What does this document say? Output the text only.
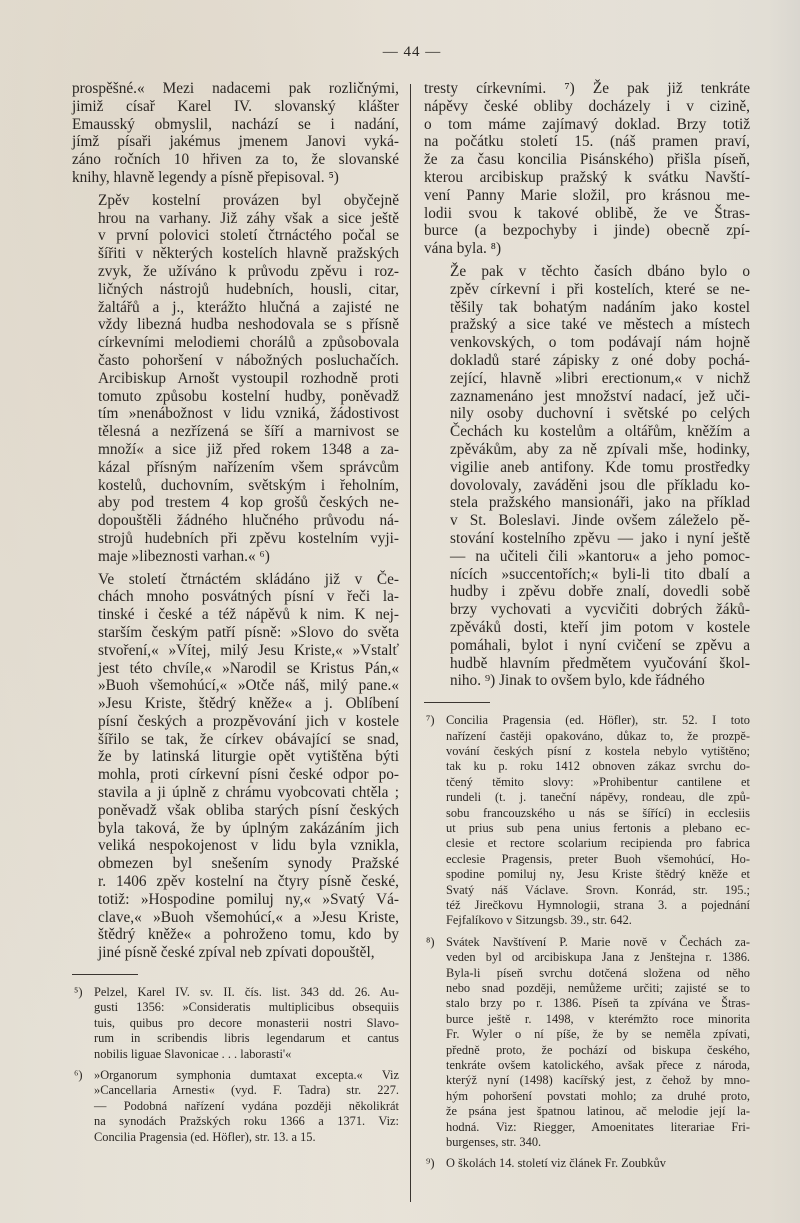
— 44 —

prospěšné.« Mezi nadacemi pak rozličnými,
jimiž císař Karel IV. slovanský klášter
Emausský obmyslil, nachází se i nadání,
jímž písaři jakémus jmenem Janovi vyká-
záno ročních 10 hřiven za to, že slovanské
knihy, hlavně legendy a písně přepisoval. ⁵)

Zpěv kostelní provázen byl obyčejně
hrou na varhany. Již záhy však a sice ještě
v první polovici století čtrnáctého počal se
šířiti v některých kostelích hlavně pražských
zvyk, že užíváno k průvodu zpěvu i roz-
ličných nástrojů hudebních, housli, citar,
žaltářů a j., kterážto hlučná a zajisté ne
vždy libezná hudba neshodovala se s přísně
církevními melodiemi chorálů a způsobovala
často pohoršení v nábožných posluchačích.
Arcibiskup Arnošt vystoupil rozhodně proti
tomuto způsobu kostelní hudby, poněvadž
tím »nenábožnost v lidu vzniká, žádostivost
tělesná a nezřízená se šíří a marnivost se
množí« a sice již před rokem 1348 a za-
kázal přísným nařízením všem správcům
kostelů, duchovním, světským i řeholním,
aby pod trestem 4 kop grošů českých ne-
dopouštěli žádného hlučného průvodu ná-
strojů hudebních při zpěvu kostelním vyji-
maje »libeznosti varhan.« ⁶)

Ve století čtrnáctém skládáno již v Če-
chách mnoho posvátných písní v řeči la-
tinské i české a též nápěvů k nim. K nej-
starším českým patří písně: »Slovo do světa
stvoření,« »Vítej, milý Jesu Kriste,« »Vstalť
jest této chvíle,« »Narodil se Kristus Pán,«
»Buoh všemohúcí,« »Otče náš, milý pane.«
»Jesu Kriste, štědrý kněže« a j. Oblíbení
písní českých a prozpěvování jich v kostele
šířilo se tak, že církev obávající se snad,
že by latinská liturgie opět vytištěna býti
mohla, proti církevní písni české odpor po-
stavila a ji úplně z chrámu vyobcovati chtěla ;
poněvadž však obliba starých písní českých
byla taková, že by úplným zakázáním jich
veliká nespokojenost v lidu byla vznikla,
obmezen byl snešením synody Pražské
r. 1406 zpěv kostelní na čtyry písně české,
totiž: »Hospodine pomiluj ny,« »Svatý Vá-
clave,« »Buoh všemohúcí,« a »Jesu Kriste,
štědrý kněže« a pohroženo tomu, kdo by
jiné písně české zpíval neb zpívati dopouštěl,

⁵) Pelzel, Karel IV. sv. II. čís. list. 343 dd. 26. Au-
gusti 1356: »Consideratis multiplicibus obsequiis
tuis, quibus pro decore monasterii nostri Slavo-
rum in scribendis libris legendarum et cantus
nobilis liguae Slavonicae . . . laborasti'«
⁶) »Organorum symphonia dumtaxat excepta.« Viz
»Cancellaria Arnesti« (vyd. F. Tadra) str. 227.
— Podobná nařízení vydána později několikrát
na synodách Pražských roku 1366 a 1371. Viz:
Concilia Pragensia (ed. Höfler), str. 13. a 15.

tresty církevními. ⁷) Že pak již tenkráte
nápěvy české obliby docházely i v cizině,
o tom máme zajímavý doklad. Brzy totiž
na počátku století 15. (náš pramen praví,
že za času koncilia Pisánského) přišla píseň,
kterou arcibiskup pražský k svátku Navští-
vení Panny Marie složil, pro krásnou me-
lodii svou k takové oblibě, že ve Štras-
burce (a bezpochyby i jinde) obecně zpí-
vána byla. ⁸)

Že pak v těchto časích dbáno bylo o
zpěv církevní i při kostelích, které se ne-
těšily tak bohatým nadáním jako kostel
pražský a sice také ve městech a místech
venkovských, o tom podávají nám hojně
dokladů staré zápisky z oné doby pochá-
zející, hlavně »libri erectionum,« v nichž
zaznamenáno jest množství nadací, jež uči-
nily osoby duchovní i světské po celých
Čechách ku kostelům a oltářům, kněžím a
zpěvákům, aby za ně zpívali mše, hodinky,
vigilie aneb antifony. Kde tomu prostředky
dovolovaly, zaváděni jsou dle příkladu ko-
stela pražského mansionáři, jako na příklad
v St. Boleslavi. Jinde ovšem záleželo pě-
stování kostelního zpěvu — jako i nyní ještě
— na učiteli čili »kantoru« a jeho pomoc-
nících »succentořích;« byli-li tito dbalí a
hudby i zpěvu dobře znalí, dovedli sobě
brzy vychovati a vycvičiti dobrých žáků-
zpěváků dosti, kteří jim potom v kostele
pomáhali, bylot i nyní cvičení se zpěvu a
hudbě hlavním předmětem vyučování škol-
niho. ⁹) Jinak to ovšem bylo, kde řádného

⁷) Concilia Pragensia (ed. Höfler), str. 52. I toto
nařízení častěji opakováno, důkaz to, že prozpě-
vování českých písní z kostela nebylo vytištěno;
tak ku p. roku 1412 obnoven zákaz svrchu do-
tčený těmito slovy: »Prohibentur cantilene et
rundeli (t. j. taneční nápěvy, rondeau, dle způ-
sobu francouzského u nás se šířící) in ecclesiis
ut prius sub pena unius fertonis a plebano ec-
clesie et rectore scolarium recipienda pro fabrica
ecclesie Pragensis, preter Buoh všemohúcí, Ho-
spodine pomiluj ny, Jesu Kriste štědrý kněže et
Svatý náš Václave. Srovn. Konrád, str. 195.;
též Jirečkovu Hymnologii, strana 3. a pojednání
Fejfalíkovo v Sitzungsb. 39., str. 642.
⁸) Svátek Navštívení P. Marie nově v Čechách za-
veden byl od arcibiskupa Jana z Jenštejna r. 1386.
Byla-li píseň svrchu dotčená složena od něho
nebo snad později, nemůžeme určiti; zajisté se to
stalo brzy po r. 1386. Píseň ta zpívána ve Štras-
burce ještě r. 1498, v kterémžto roce minorita
Fr. Wyler o ní píše, že by se neměla zpívati,
předně proto, že pochází od biskupa českého,
tenkráte ovšem katolického, avšak přece z národa,
kterýž nyní (1498) kacířský jest, z čehož by mno-
hým pohoršení povstati mohlo; za druhé proto,
že psána jest špatnou latinou, ač melodie její la-
hodná. Viz: Riegger, Amoenitates literariae Fri-
burgenses, str. 340.
⁹) O školách 14. století viz článek Fr. Zoubkův
